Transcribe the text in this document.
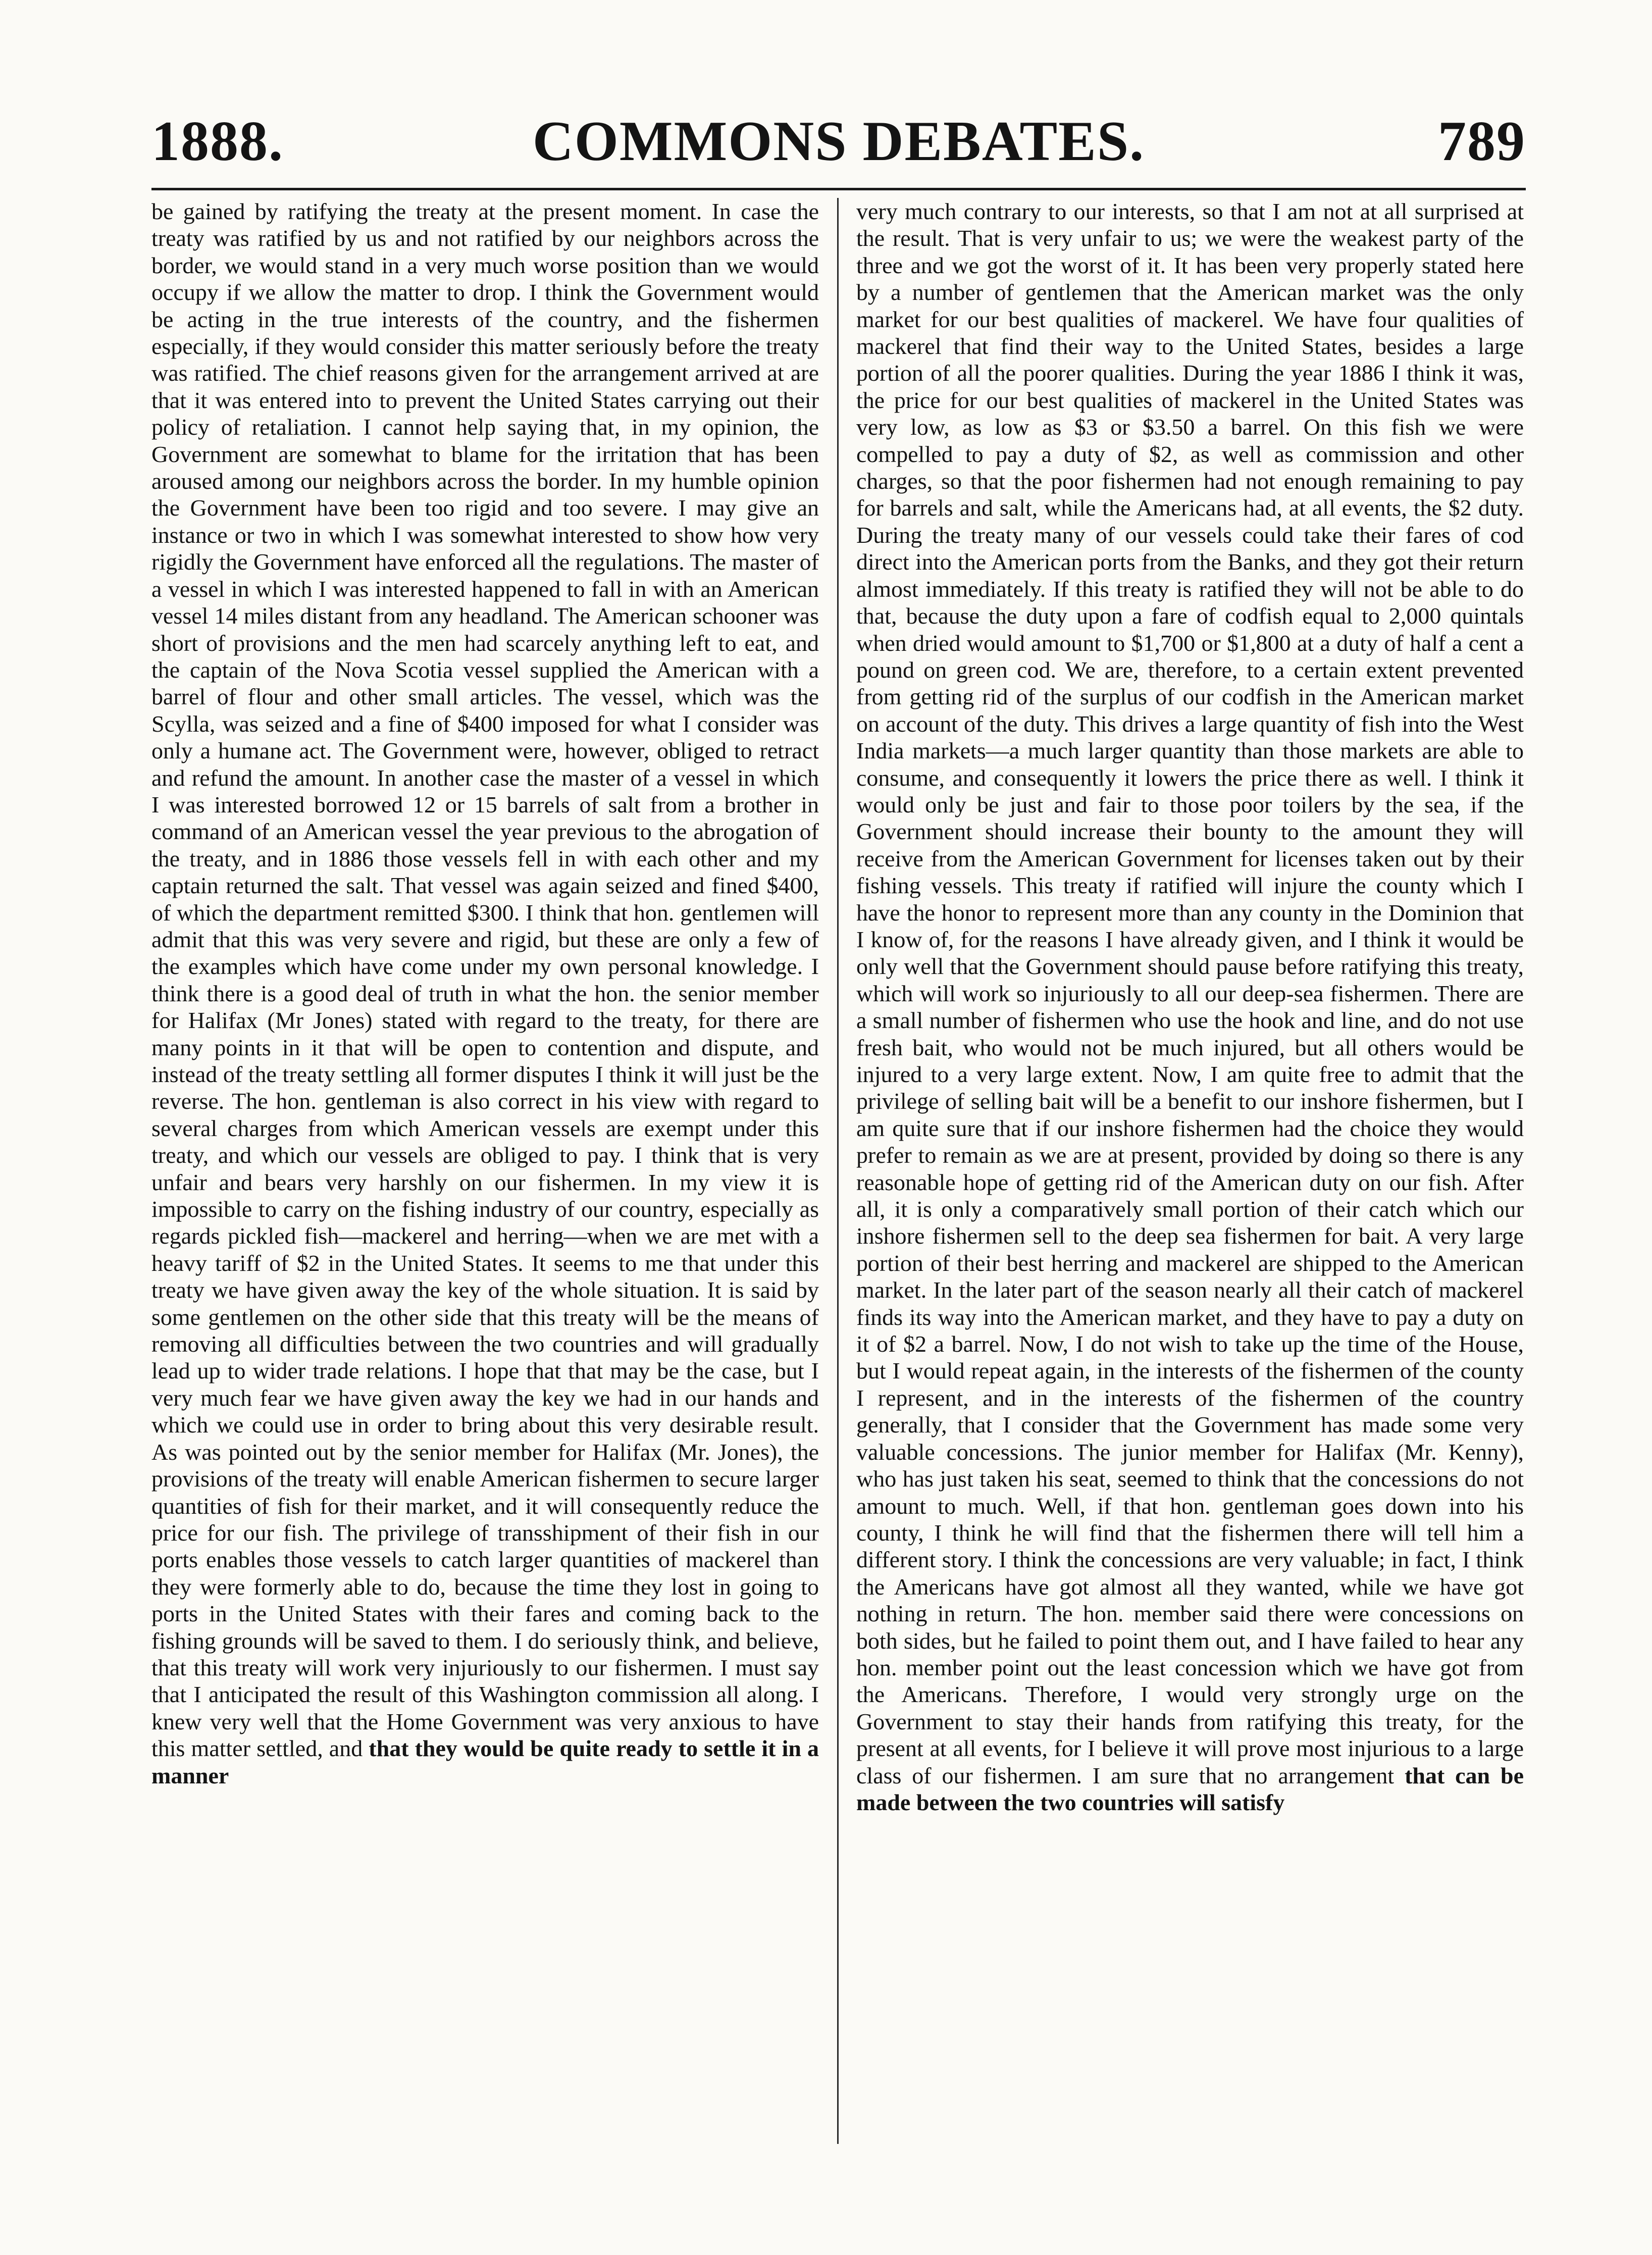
1888.	COMMONS DEBATES.	789

be gained by ratifying the treaty at the present moment. In case the treaty was ratified by us and not ratified by our neighbors across the border, we would stand in a very much worse position than we would occupy if we allow the matter to drop. I think the Government would be acting in the true interests of the country, and the fishermen especially, if they would consider this matter seriously before the treaty was ratified. The chief reasons given for the arrangement arrived at are that it was entered into to prevent the United States carrying out their policy of retaliation. I cannot help saying that, in my opinion, the Government are somewhat to blame for the irritation that has been aroused among our neighbors across the border. In my humble opinion the Government have been too rigid and too severe. I may give an instance or two in which I was somewhat interested to show how very rigidly the Government have enforced all the regulations. The master of a vessel in which I was interested happened to fall in with an American vessel 14 miles distant from any headland. The American schooner was short of provisions and the men had scarcely anything left to eat, and the captain of the Nova Scotia vessel supplied the American with a barrel of flour and other small articles. The vessel, which was the Scylla, was seized and a fine of $400 imposed for what I consider was only a humane act. The Government were, however, obliged to retract and refund the amount. In another case the master of a vessel in which I was interested borrowed 12 or 15 barrels of salt from a brother in command of an American vessel the year previous to the abrogation of the treaty, and in 1886 those vessels fell in with each other and my captain returned the salt. That vessel was again seized and fined $400, of which the department remitted $300. I think that hon. gentlemen will admit that this was very severe and rigid, but these are only a few of the examples which have come under my own personal knowledge. I think there is a good deal of truth in what the hon. the senior member for Halifax (Mr Jones) stated with regard to the treaty, for there are many points in it that will be open to contention and dispute, and instead of the treaty settling all former disputes I think it will just be the reverse. The hon. gentleman is also correct in his view with regard to several charges from which American vessels are exempt under this treaty, and which our vessels are obliged to pay. I think that is very unfair and bears very harshly on our fishermen. In my view it is impossible to carry on the fishing industry of our country, especially as regards pickled fish—mackerel and herring—when we are met with a heavy tariff of $2 in the United States. It seems to me that under this treaty we have given away the key of the whole situation. It is said by some gentlemen on the other side that this treaty will be the means of removing all difficulties between the two countries and will gradually lead up to wider trade relations. I hope that that may be the case, but I very much fear we have given away the key we had in our hands and which we could use in order to bring about this very desirable result. As was pointed out by the senior member for Halifax (Mr. Jones), the provisions of the treaty will enable American fishermen to secure larger quantities of fish for their market, and it will consequently reduce the price for our fish. The privilege of transshipment of their fish in our ports enables those vessels to catch larger quantities of mackerel than they were formerly able to do, because the time they lost in going to ports in the United States with their fares and coming back to the fishing grounds will be saved to them. I do seriously think, and believe, that this treaty will work very injuriously to our fishermen. I must say that I anticipated the result of this Washington commission all along. I knew very well that the Home Government was very anxious to have this matter settled, and that they would be quite ready to settle it in a manner

very much contrary to our interests, so that I am not at all surprised at the result. That is very unfair to us; we were the weakest party of the three and we got the worst of it. It has been very properly stated here by a number of gentlemen that the American market was the only market for our best qualities of mackerel. We have four qualities of mackerel that find their way to the United States, besides a large portion of all the poorer qualities. During the year 1886 I think it was, the price for our best qualities of mackerel in the United States was very low, as low as $3 or $3.50 a barrel. On this fish we were compelled to pay a duty of $2, as well as commission and other charges, so that the poor fishermen had not enough remaining to pay for barrels and salt, while the Americans had, at all events, the $2 duty. During the treaty many of our vessels could take their fares of cod direct into the American ports from the Banks, and they got their return almost immediately. If this treaty is ratified they will not be able to do that, because the duty upon a fare of codfish equal to 2,000 quintals when dried would amount to $1,700 or $1,800 at a duty of half a cent a pound on green cod. We are, therefore, to a certain extent prevented from getting rid of the surplus of our codfish in the American market on account of the duty. This drives a large quantity of fish into the West India markets—a much larger quantity than those markets are able to consume, and consequently it lowers the price there as well. I think it would only be just and fair to those poor toilers by the sea, if the Government should increase their bounty to the amount they will receive from the American Government for licenses taken out by their fishing vessels. This treaty if ratified will injure the county which I have the honor to represent more than any county in the Dominion that I know of, for the reasons I have already given, and I think it would be only well that the Government should pause before ratifying this treaty, which will work so injuriously to all our deep-sea fishermen. There are a small number of fishermen who use the hook and line, and do not use fresh bait, who would not be much injured, but all others would be injured to a very large extent. Now, I am quite free to admit that the privilege of selling bait will be a benefit to our inshore fishermen, but I am quite sure that if our inshore fishermen had the choice they would prefer to remain as we are at present, provided by doing so there is any reasonable hope of getting rid of the American duty on our fish. After all, it is only a comparatively small portion of their catch which our inshore fishermen sell to the deep sea fishermen for bait. A very large portion of their best herring and mackerel are shipped to the American market. In the later part of the season nearly all their catch of mackerel finds its way into the American market, and they have to pay a duty on it of $2 a barrel. Now, I do not wish to take up the time of the House, but I would repeat again, in the interests of the fishermen of the county I represent, and in the interests of the fishermen of the country generally, that I consider that the Government has made some very valuable concessions. The junior member for Halifax (Mr. Kenny), who has just taken his seat, seemed to think that the concessions do not amount to much. Well, if that hon. gentleman goes down into his county, I think he will find that the fishermen there will tell him a different story. I think the concessions are very valuable; in fact, I think the Americans have got almost all they wanted, while we have got nothing in return. The hon. member said there were concessions on both sides, but he failed to point them out, and I have failed to hear any hon. member point out the least concession which we have got from the Americans. Therefore, I would very strongly urge on the Government to stay their hands from ratifying this treaty, for the present at all events, for I believe it will prove most injurious to a large class of our fishermen. I am sure that no arrangement that can be made between the two countries will satisfy
